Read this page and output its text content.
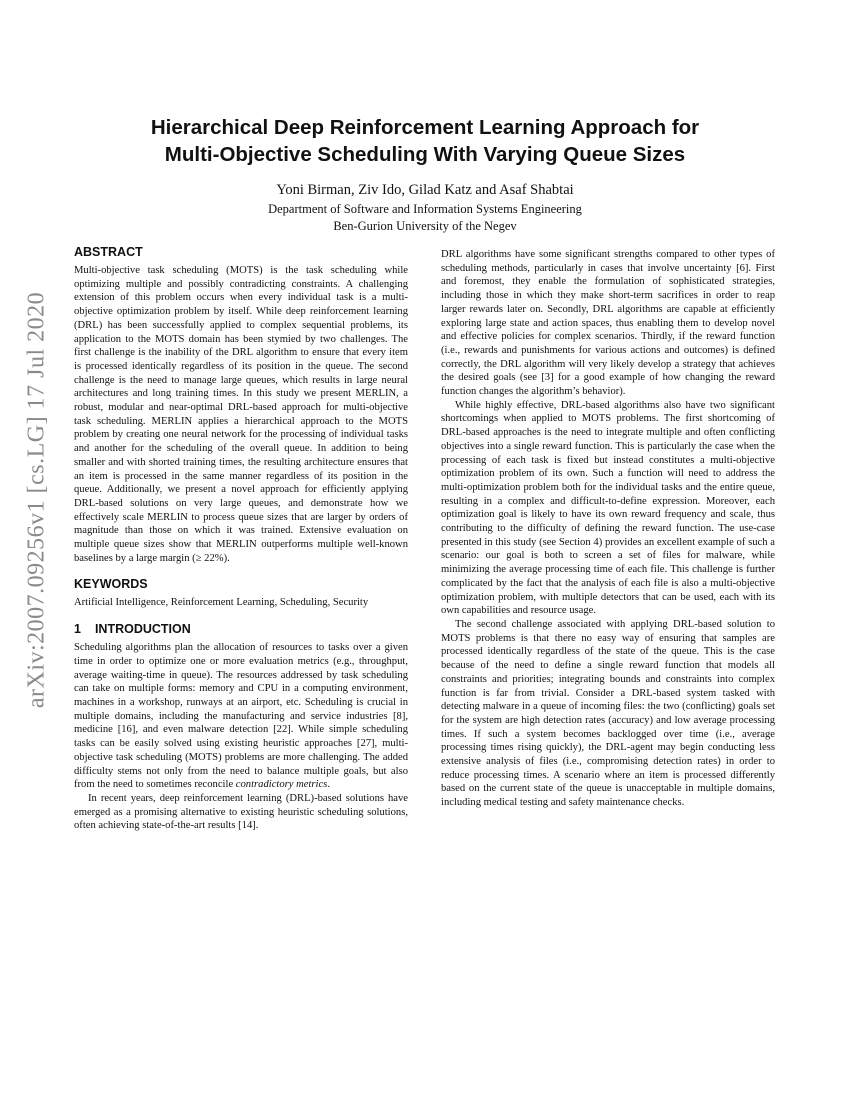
arXiv:2007.09256v1 [cs.LG] 17 Jul 2020
Hierarchical Deep Reinforcement Learning Approach for
Multi-Objective Scheduling With Varying Queue Sizes
Yoni Birman, Ziv Ido, Gilad Katz and Asaf Shabtai
Department of Software and Information Systems Engineering
Ben-Gurion University of the Negev
ABSTRACT

Multi-objective task scheduling (MOTS) is the task scheduling while optimizing multiple and possibly contradicting constraints. A challenging extension of this problem occurs when every individual task is a multi-objective optimization problem by itself. While deep reinforcement learning (DRL) has been successfully applied to complex sequential problems, its application to the MOTS domain has been stymied by two challenges. The first challenge is the inability of the DRL algorithm to ensure that every item is processed identically regardless of its position in the queue. The second challenge is the need to manage large queues, which results in large neural architectures and long training times. In this study we present MERLIN, a robust, modular and near-optimal DRL-based approach for multi-objective task scheduling. MERLIN applies a hierarchical approach to the MOTS problem by creating one neural network for the processing of individual tasks and another for the scheduling of the overall queue. In addition to being smaller and with shorted training times, the resulting architecture ensures that an item is processed in the same manner regardless of its position in the queue. Additionally, we present a novel approach for efficiently applying DRL-based solutions on very large queues, and demonstrate how we effectively scale MERLIN to process queue sizes that are larger by orders of magnitude than those on which it was trained. Extensive evaluation on multiple queue sizes show that MERLIN outperforms multiple well-known baselines by a large margin (≥ 22%).

KEYWORDS

Artificial Intelligence, Reinforcement Learning, Scheduling, Security

1 INTRODUCTION

Scheduling algorithms plan the allocation of resources to tasks over a given time in order to optimize one or more evaluation metrics (e.g., throughput, average waiting-time in queue). The resources addressed by task scheduling can take on multiple forms: memory and CPU in a computing environment, machines in a workshop, runways at an airport, etc. Scheduling is crucial in multiple domains, including the manufacturing and service industries [8], medicine [16], and even malware detection [22]. While simple scheduling tasks can be easily solved using existing heuristic approaches [27], multi-objective task scheduling (MOTS) problems are more challenging. The added difficulty stems not only from the need to balance multiple goals, but also from the need to sometimes reconcile contradictory metrics.

In recent years, deep reinforcement learning (DRL)-based solutions have emerged as a promising alternative to existing heuristic scheduling solutions, often achieving state-of-the-art results [14].

DRL algorithms have some significant strengths compared to other types of scheduling methods, particularly in cases that involve uncertainty [6]. First and foremost, they enable the formulation of sophisticated strategies, including those in which they make short-term sacrifices in order to reap larger rewards later on. Secondly, DRL algorithms are capable at efficiently exploring large state and action spaces, thus enabling them to develop novel and effective policies for complex scenarios. Thirdly, if the reward function (i.e., rewards and punishments for various actions and outcomes) is defined correctly, the DRL algorithm will very likely develop a strategy that achieves the desired goals (see [3] for a good example of how changing the reward function changes the algorithm’s behavior).

While highly effective, DRL-based algorithms also have two significant shortcomings when applied to MOTS problems. The first shortcoming of DRL-based approaches is the need to integrate multiple and often conflicting objectives into a single reward function. This is particularly the case when the processing of each task is fixed but instead constitutes a multi-objective optimization problem of its own. Such a function will need to address the multi-optimization problem both for the individual tasks and the entire queue, resulting in a complex and difficult-to-define expression. Moreover, each optimization goal is likely to have its own reward frequency and scale, thus contributing to the difficulty of defining the reward function. The use-case presented in this study (see Section 4) provides an excellent example of such a scenario: our goal is both to screen a set of files for malware, while minimizing the average processing time of each file. This challenge is further complicated by the fact that the analysis of each file is also a multi-objective optimization problem, with multiple detectors that can be used, each with its own capabilities and resource usage.

The second challenge associated with applying DRL-based solution to MOTS problems is that there no easy way of ensuring that samples are processed identically regardless of the state of the queue. This is the case because of the need to define a single reward function that models all constraints and priorities; integrating bounds and constraints into complex function is far from trivial. Consider a DRL-based system tasked with detecting malware in a queue of incoming files: the two (conflicting) goals set for the system are high detection rates (accuracy) and low average processing times. If such a system becomes backlogged over time (i.e., average processing times rising quickly), the DRL-agent may begin conducting less extensive analysis of files (i.e., compromising detection rates) in order to reduce processing times. A scenario where an item is processed differently based on the current state of the queue is unacceptable in multiple domains, including medical testing and safety maintenance checks.
